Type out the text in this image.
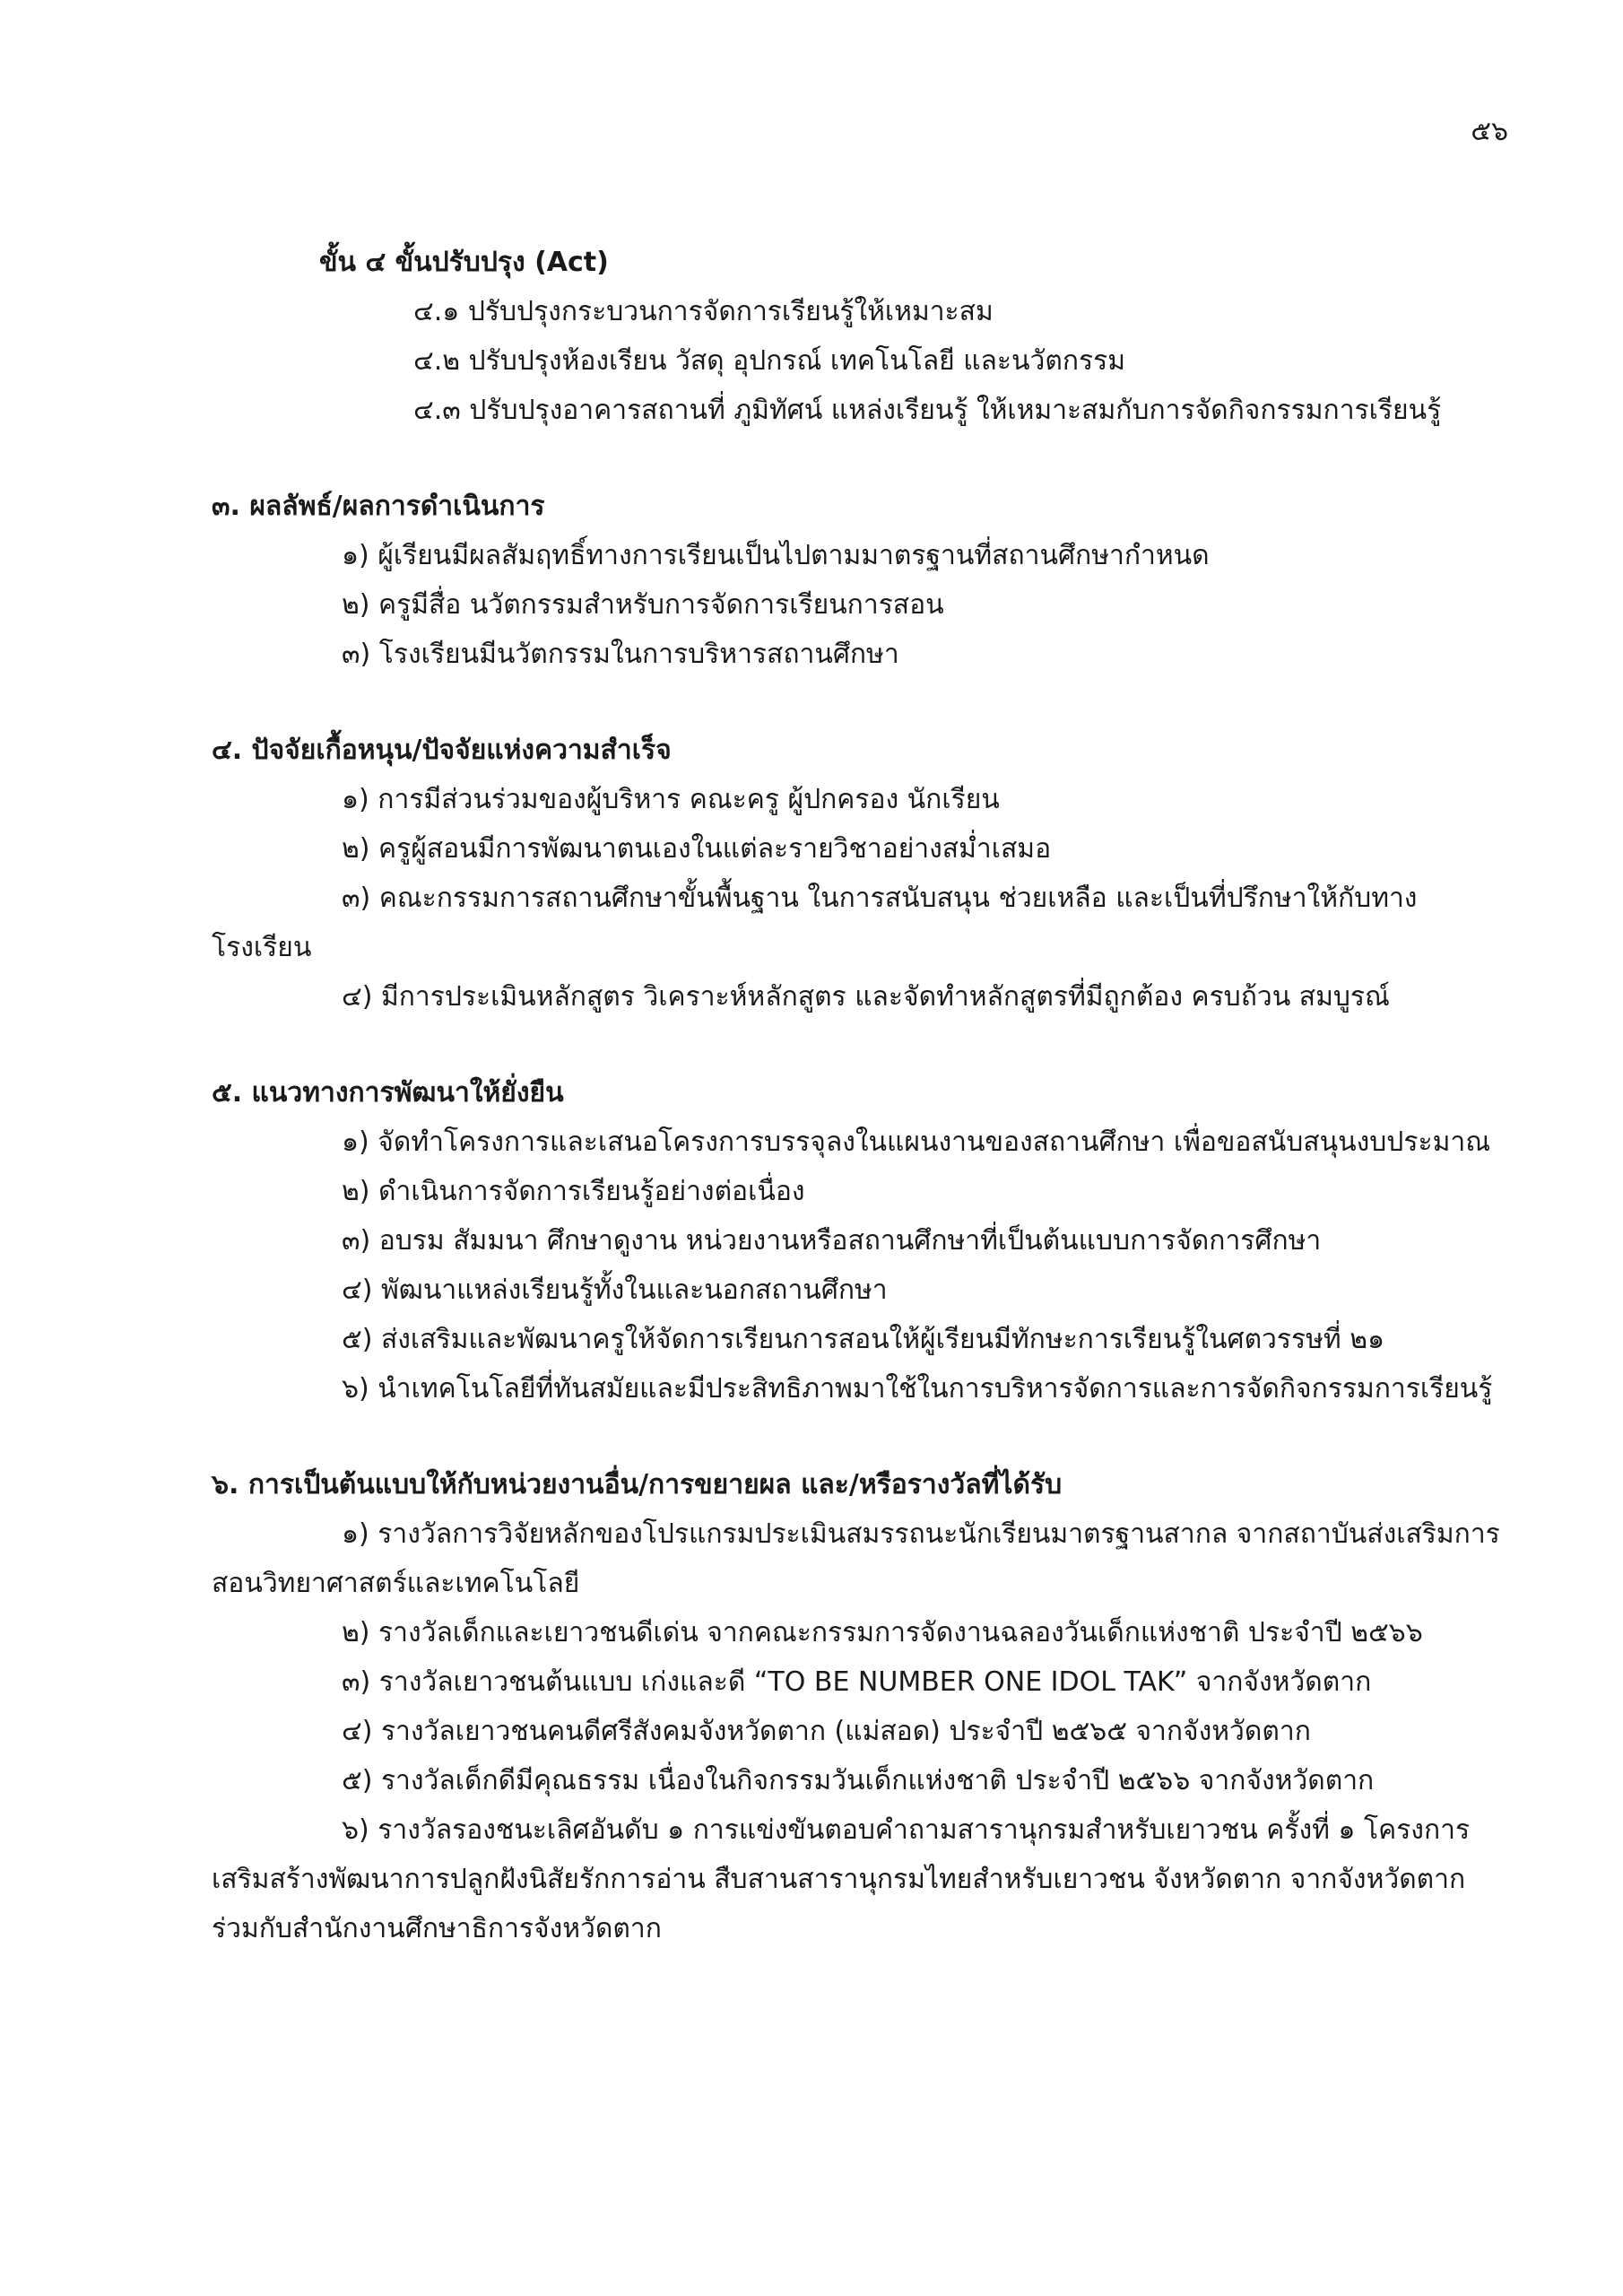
๕๖

ขั้น ๔ ขั้นปรับปรุง (Act)

๔.๑ ปรับปรุงกระบวนการจัดการเรียนรู้ให้เหมาะสม

๔.๒ ปรับปรุงห้องเรียน วัสดุ อุปกรณ์ เทคโนโลยี และนวัตกรรม

๔.๓ ปรับปรุงอาคารสถานที่ ภูมิทัศน์ แหล่งเรียนรู้ ให้เหมาะสมกับการจัดกิจกรรมการเรียนรู้

๓. ผลลัพธ์/ผลการดำเนินการ

๑) ผู้เรียนมีผลสัมฤทธิ์ทางการเรียนเป็นไปตามมาตรฐานที่สถานศึกษากำหนด

๒) ครูมีสื่อ นวัตกรรมสำหรับการจัดการเรียนการสอน

๓) โรงเรียนมีนวัตกรรมในการบริหารสถานศึกษา

๔. ปัจจัยเกื้อหนุน/ปัจจัยแห่งความสำเร็จ

๑) การมีส่วนร่วมของผู้บริหาร คณะครู ผู้ปกครอง นักเรียน

๒) ครูผู้สอนมีการพัฒนาตนเองในแต่ละรายวิชาอย่างสม่ำเสมอ

๓) คณะกรรมการสถานศึกษาขั้นพื้นฐาน ในการสนับสนุน ช่วยเหลือ และเป็นที่ปรึกษาให้กับทางโรงเรียน

๔) มีการประเมินหลักสูตร วิเคราะห์หลักสูตร และจัดทำหลักสูตรที่มีถูกต้อง ครบถ้วน สมบูรณ์

๕. แนวทางการพัฒนาให้ยั่งยืน

๑) จัดทำโครงการและเสนอโครงการบรรจุลงในแผนงานของสถานศึกษา เพื่อขอสนับสนุนงบประมาณ

๒) ดำเนินการจัดการเรียนรู้อย่างต่อเนื่อง

๓) อบรม สัมมนา ศึกษาดูงาน หน่วยงานหรือสถานศึกษาที่เป็นต้นแบบการจัดการศึกษา

๔) พัฒนาแหล่งเรียนรู้ทั้งในและนอกสถานศึกษา

๕) ส่งเสริมและพัฒนาครูให้จัดการเรียนการสอนให้ผู้เรียนมีทักษะการเรียนรู้ในศตวรรษที่ ๒๑

๖) นำเทคโนโลยีที่ทันสมัยและมีประสิทธิภาพมาใช้ในการบริหารจัดการและการจัดกิจกรรมการเรียนรู้

๖. การเป็นต้นแบบให้กับหน่วยงานอื่น/การขยายผล และ/หรือรางวัลที่ได้รับ

๑) รางวัลการวิจัยหลักของโปรแกรมประเมินสมรรถนะนักเรียนมาตรฐานสากล จากสถาบันส่งเสริมการสอนวิทยาศาสตร์และเทคโนโลยี

๒) รางวัลเด็กและเยาวชนดีเด่น จากคณะกรรมการจัดงานฉลองวันเด็กแห่งชาติ ประจำปี ๒๕๖๖

๓) รางวัลเยาวชนต้นแบบ เก่งและดี “TO BE NUMBER ONE IDOL TAK” จากจังหวัดตาก

๔) รางวัลเยาวชนคนดีศรีสังคมจังหวัดตาก (แม่สอด) ประจำปี ๒๕๖๕ จากจังหวัดตาก

๕) รางวัลเด็กดีมีคุณธรรม เนื่องในกิจกรรมวันเด็กแห่งชาติ ประจำปี ๒๕๖๖ จากจังหวัดตาก

๖) รางวัลรองชนะเลิศอันดับ ๑ การแข่งขันตอบคำถามสารานุกรมสำหรับเยาวชน ครั้งที่ ๑ โครงการเสริมสร้างพัฒนาการปลูกฝังนิสัยรักการอ่าน สืบสานสารานุกรมไทยสำหรับเยาวชน จังหวัดตาก จากจังหวัดตากร่วมกับสำนักงานศึกษาธิการจังหวัดตาก
